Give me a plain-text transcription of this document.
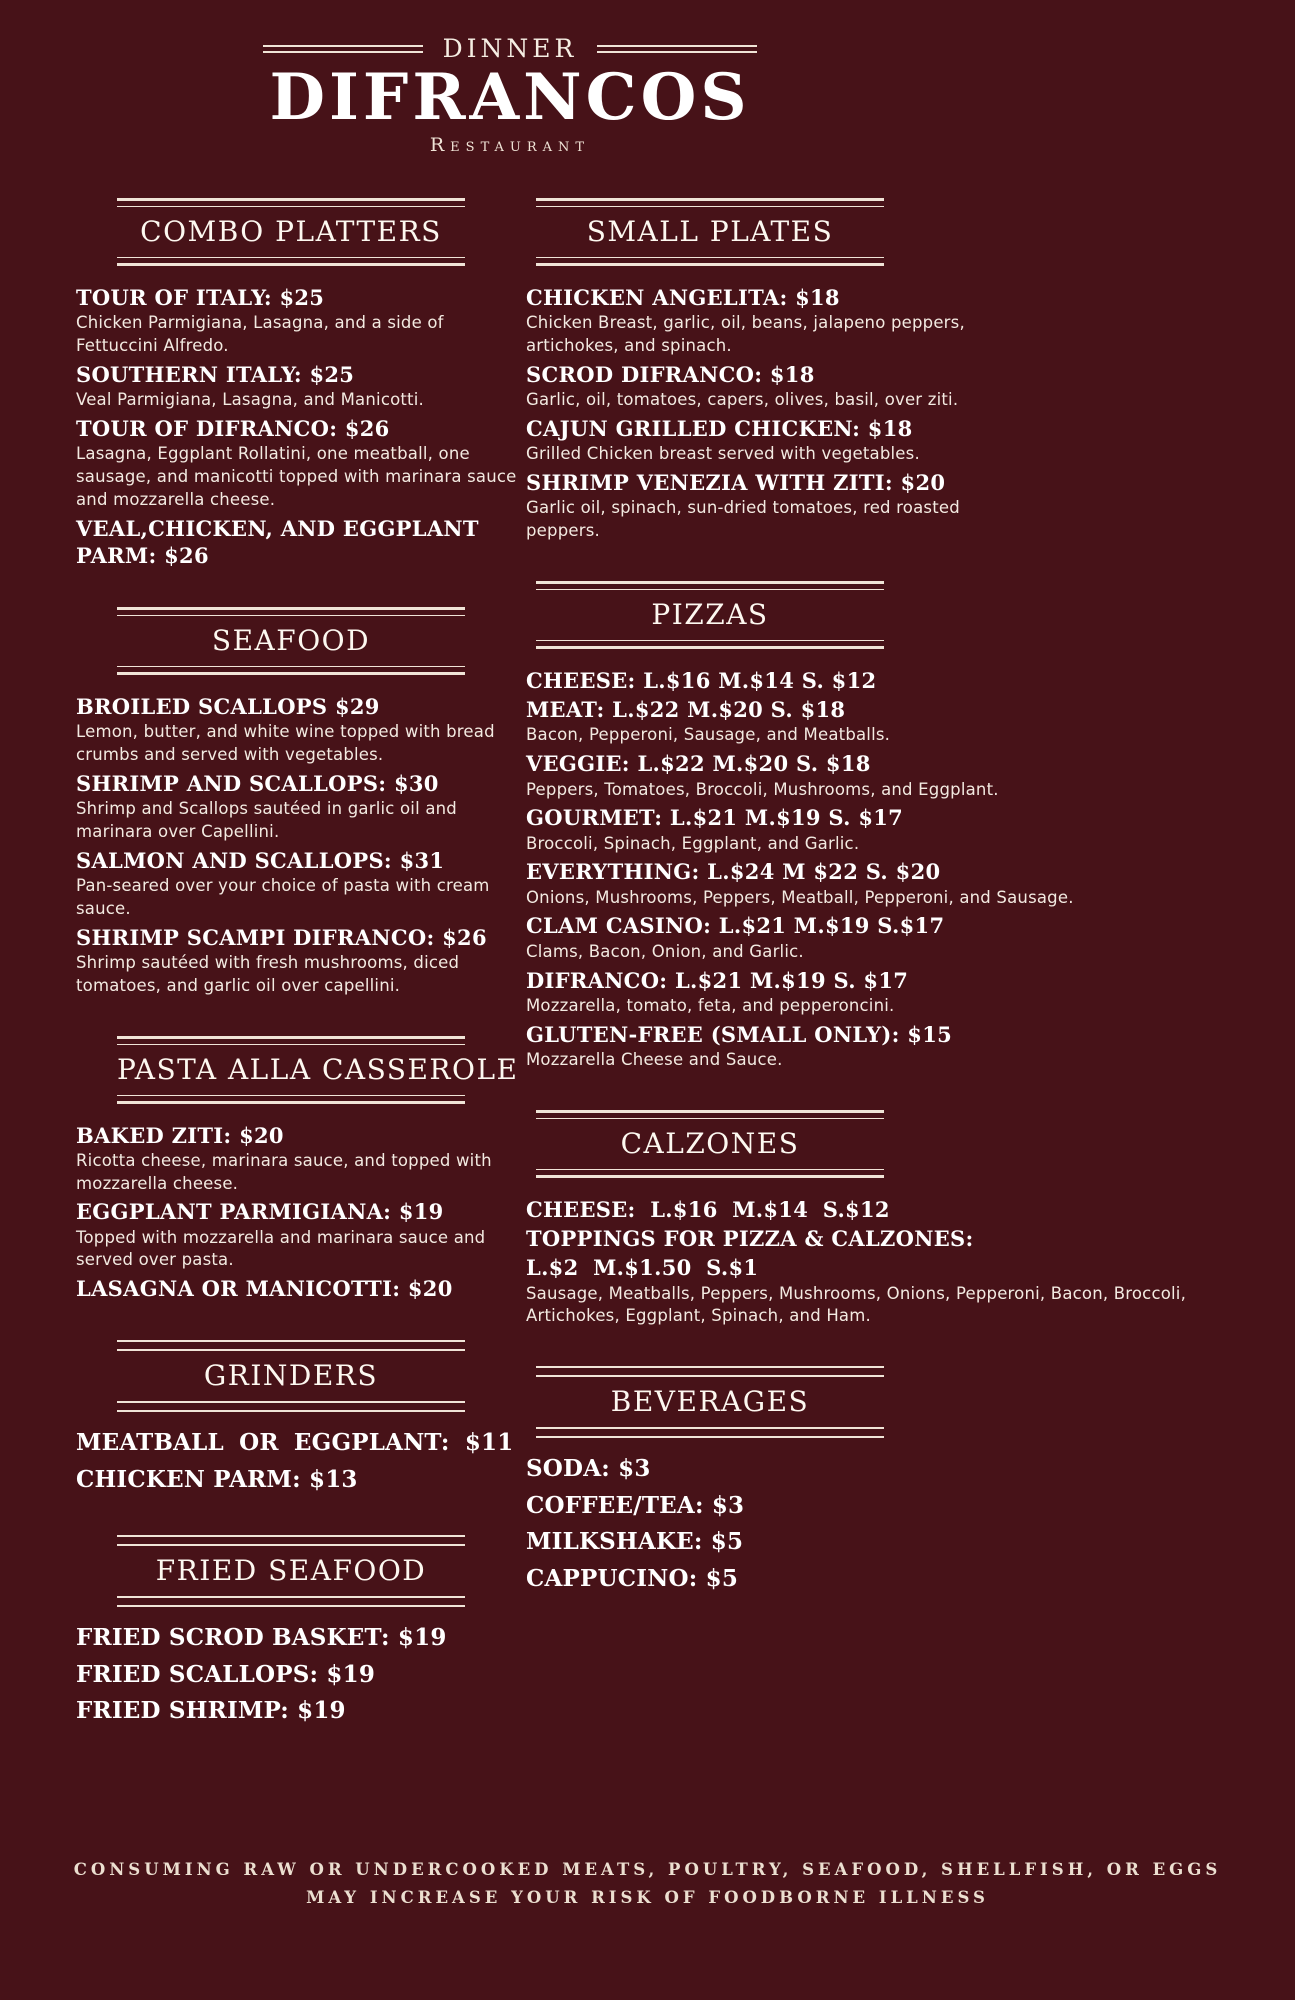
DINNER
DIFRANCOS
Restaurant
COMBO PLATTERS
TOUR OF ITALY: $25
Chicken Parmigiana, Lasagna, and a side of Fettuccini Alfredo.
SOUTHERN ITALY: $25
Veal Parmigiana, Lasagna, and Manicotti.
TOUR OF DIFRANCO: $26
Lasagna, Eggplant Rollatini, one meatball, one sausage, and manicotti topped with marinara sauce and mozzarella cheese.
VEAL,CHICKEN, AND EGGPLANT PARM: $26
SEAFOOD
BROILED SCALLOPS $29
Lemon, butter, and white wine topped with bread crumbs and served with vegetables.
SHRIMP AND SCALLOPS: $30
Shrimp and Scallops sautéed in garlic oil and marinara over Capellini.
SALMON AND SCALLOPS: $31
Pan-seared over your choice of pasta with cream sauce.
SHRIMP SCAMPI DIFRANCO: $26
Shrimp sautéed with fresh mushrooms, diced tomatoes, and garlic oil over capellini.
PASTA ALLA CASSEROLE
BAKED ZITI: $20
Ricotta cheese, marinara sauce, and topped with mozzarella cheese.
EGGPLANT PARMIGIANA: $19
Topped with mozzarella and marinara sauce and served over pasta.
LASAGNA OR MANICOTTI: $20
GRINDERS
MEATBALL OR EGGPLANT: $11
CHICKEN PARM: $13
FRIED SEAFOOD
FRIED SCROD BASKET: $19
FRIED SCALLOPS: $19
FRIED SHRIMP: $19
SMALL PLATES
CHICKEN ANGELITA: $18
Chicken Breast, garlic, oil, beans, jalapeno peppers, artichokes, and spinach.
SCROD DIFRANCO: $18
Garlic, oil, tomatoes, capers, olives, basil, over ziti.
CAJUN GRILLED CHICKEN: $18
Grilled Chicken breast served with vegetables.
SHRIMP VENEZIA WITH ZITI: $20
Garlic oil, spinach, sun-dried tomatoes, red roasted peppers.
PIZZAS
CHEESE: L.$16 M.$14 S. $12
MEAT: L.$22 M.$20 S. $18
Bacon, Pepperoni, Sausage, and Meatballs.
VEGGIE: L.$22 M.$20 S. $18
Peppers, Tomatoes, Broccoli, Mushrooms, and Eggplant.
GOURMET: L.$21 M.$19 S. $17
Broccoli, Spinach, Eggplant, and Garlic.
EVERYTHING: L.$24 M $22 S. $20
Onions, Mushrooms, Peppers, Meatball, Pepperoni, and Sausage.
CLAM CASINO: L.$21 M.$19 S.$17
Clams, Bacon, Onion, and Garlic.
DIFRANCO: L.$21 M.$19 S. $17
Mozzarella, tomato, feta, and pepperoncini.
GLUTEN-FREE (SMALL ONLY): $15
Mozzarella Cheese and Sauce.
CALZONES
CHEESE: L.$16 M.$14 S.$12
TOPPINGS FOR PIZZA & CALZONES:
L.$2 M.$1.50 S.$1
Sausage, Meatballs, Peppers, Mushrooms, Onions, Pepperoni, Bacon, Broccoli, Artichokes, Eggplant, Spinach, and Ham.
BEVERAGES
SODA: $3
COFFEE/TEA: $3
MILKSHAKE: $5
CAPPUCINO: $5
CONSUMING RAW OR UNDERCOOKED MEATS, POULTRY, SEAFOOD, SHELLFISH, OR EGGS
MAY INCREASE YOUR RISK OF FOODBORNE ILLNESS
